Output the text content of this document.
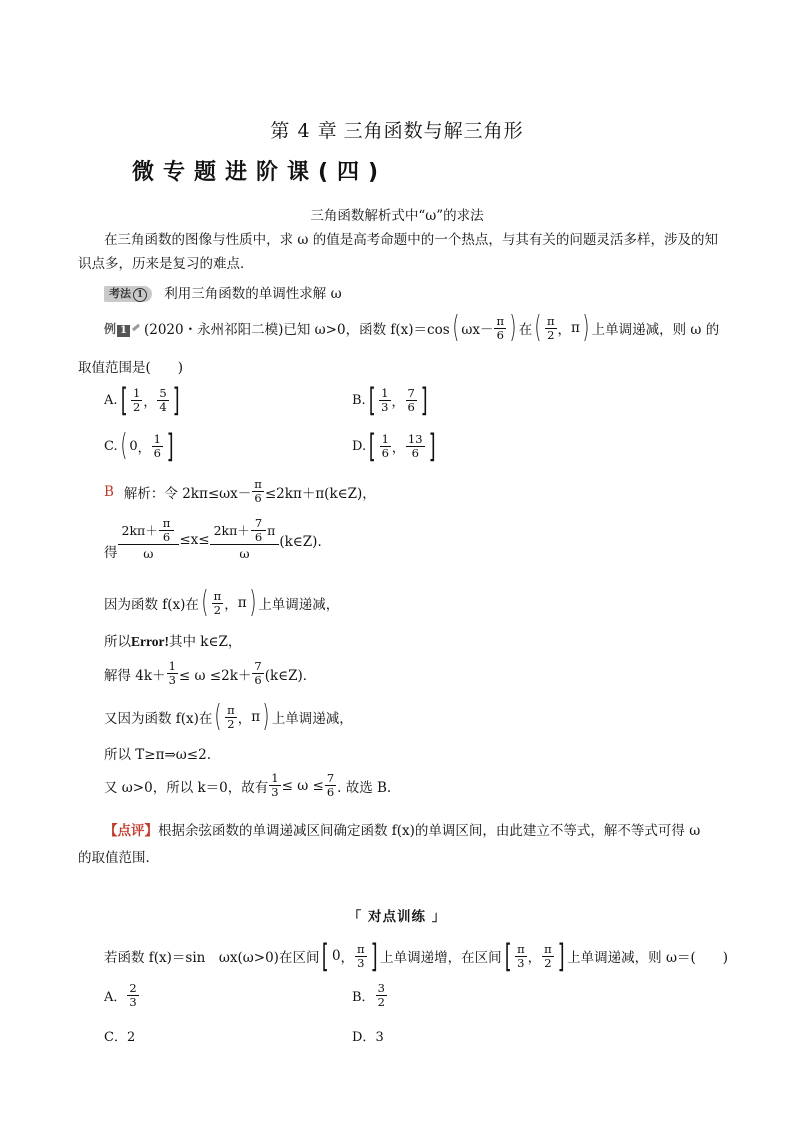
第 4 章 三角函数与解三角形
微专题进阶课(四)
三角函数解析式中“ω”的求法
在三角函数的图像与性质中，求 ω 的值是高考命题中的一个热点，与其有关的问题灵活多样，涉及的知识点多，历来是复习的难点．
考法 1 利用三角函数的单调性求解 ω
例 1 (2020・永州祁阳二模)已知 ω>0，函数 f(x)＝cos ( $\omega x- \frac{\pi}{6}$ ) 在 ( $\frac{\pi}{2}$ ， π ) 上单调递减，则 ω 的
取值范围是(　　)
A. [ $\frac{1}{2}$ ， $\frac{5}{4}$ ]	B. [ $\frac{1}{3}$ ， $\frac{7}{6}$ ]
C. ( 0 ， $\frac{1}{6}$ ]	D. [ $\frac{1}{6}$ ， $\frac{13}{6}$ ]
B 解析：令 $2k\pi\le\omega x- \frac{\pi}{6}$ ≤2kπ＋π(k∈Z)，
得 $\frac{2k\pi+ \frac{\pi}{6}}{\omega} \le x\le \frac{2k\pi+ \frac{7}{6} \pi}{\omega}$ (k∈Z)．
因为函数 f(x)在 ( $\frac{\pi}{2}$ ， π ) 上单调递减，
所以Error!其中 k∈Z，
解得 $4k+ \frac{1}{3} \le \omega \le 2k+ \frac{7}{6}$ (k∈Z)．
又因为函数 f(x)在 ( $\frac{\pi}{2}$ ， π ) 上单调递减，
所以 T≥π⇒ω≤2.
又 ω>0，所以 k＝0，故有 $\frac{1}{3} \le \omega \le \frac{7}{6}$ . 故选 B.
【点评】根据余弦函数的单调递减区间确定函数 f(x)的单调区间，由此建立不等式，解不等式可得 ω 的取值范围．
「 对点训练 」
若函数 f(x)＝sin　ωx(ω>0)在区间 [ 0 ， $\frac{\pi}{3}$ ] 上单调递增，在区间 [ $\frac{\pi}{3}$ ， $\frac{\pi}{2}$ ] 上单调递减，则 ω＝(　　)
A． $\frac{2}{3}$	B． $\frac{3}{2}$
C．2	D．3
